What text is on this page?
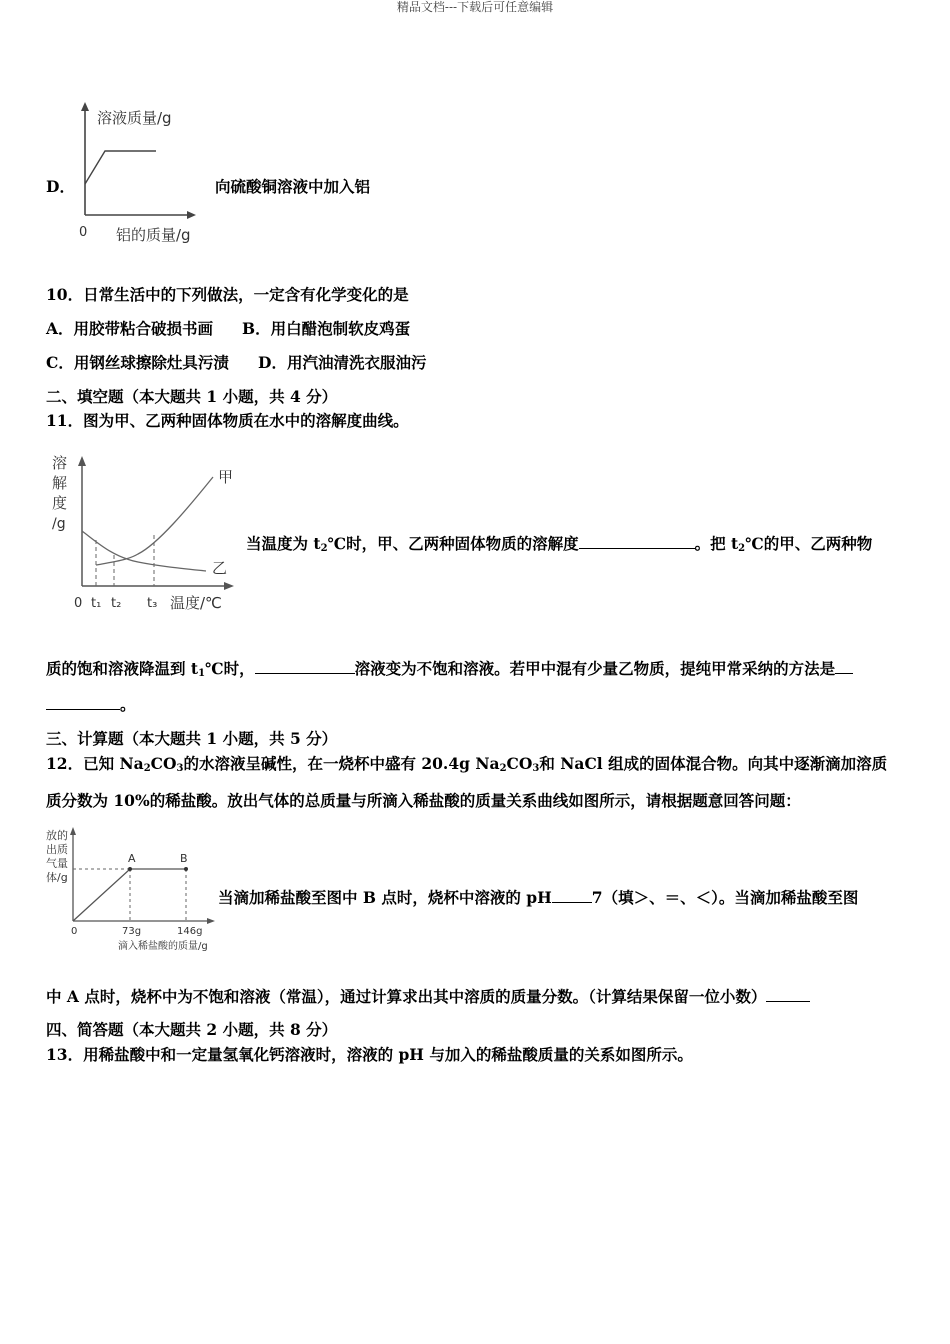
精品文档---下载后可任意编辑
溶液质量/g
0 铝的质量/g
D．	向硫酸铜溶液中加入铝
10．日常生活中的下列做法，一定含有化学变化的是
A．用胶带粘合破损书画 B．用白醋泡制软皮鸡蛋
C．用钢丝球擦除灶具污渍 D．用汽油清洗衣服油污
二、填空题（本大题共 1 小题，共 4 分）
11．图为甲、乙两种固体物质在水中的溶解度曲线。
溶
解
度
/g
甲
乙
0 t₁ t₂ t₃ 温度/℃
当温度为 $t_2℃$时，甲、乙两种固体物质的溶解度	。把 $t_2℃$的甲、乙两种物
质的饱和溶液降温到 $t_1℃$时，	溶液变为不饱和溶液。若甲中混有少量乙物质，提纯甲常采纳的方法是
。
三、计算题（本大题共 1 小题，共 5 分）
12．已知 $Na_2CO_3$的水溶液呈碱性，在一烧杯中盛有 20.4g $Na_2CO_3$和 NaCl 组成的固体混合物。向其中逐渐滴加溶质
质分数为 10%的稀盐酸。放出气体的总质量与所滴入稀盐酸的质量关系曲线如图所示，请根据题意回答问题：
A	B
放的
出质
气量
体/g
0	73g	146g
滴入稀盐酸的质量/g
当滴加稀盐酸至图中 B 点时，烧杯中溶液的 pH	7（填＞、＝、＜）。当滴加稀盐酸至图
中 A 点时，烧杯中为不饱和溶液（常温），通过计算求出其中溶质的质量分数。（计算结果保留一位小数）
四、简答题（本大题共 2 小题，共 8 分）
13．用稀盐酸中和一定量氢氧化钙溶液时，溶液的 pH 与加入的稀盐酸质量的关系如图所示。
